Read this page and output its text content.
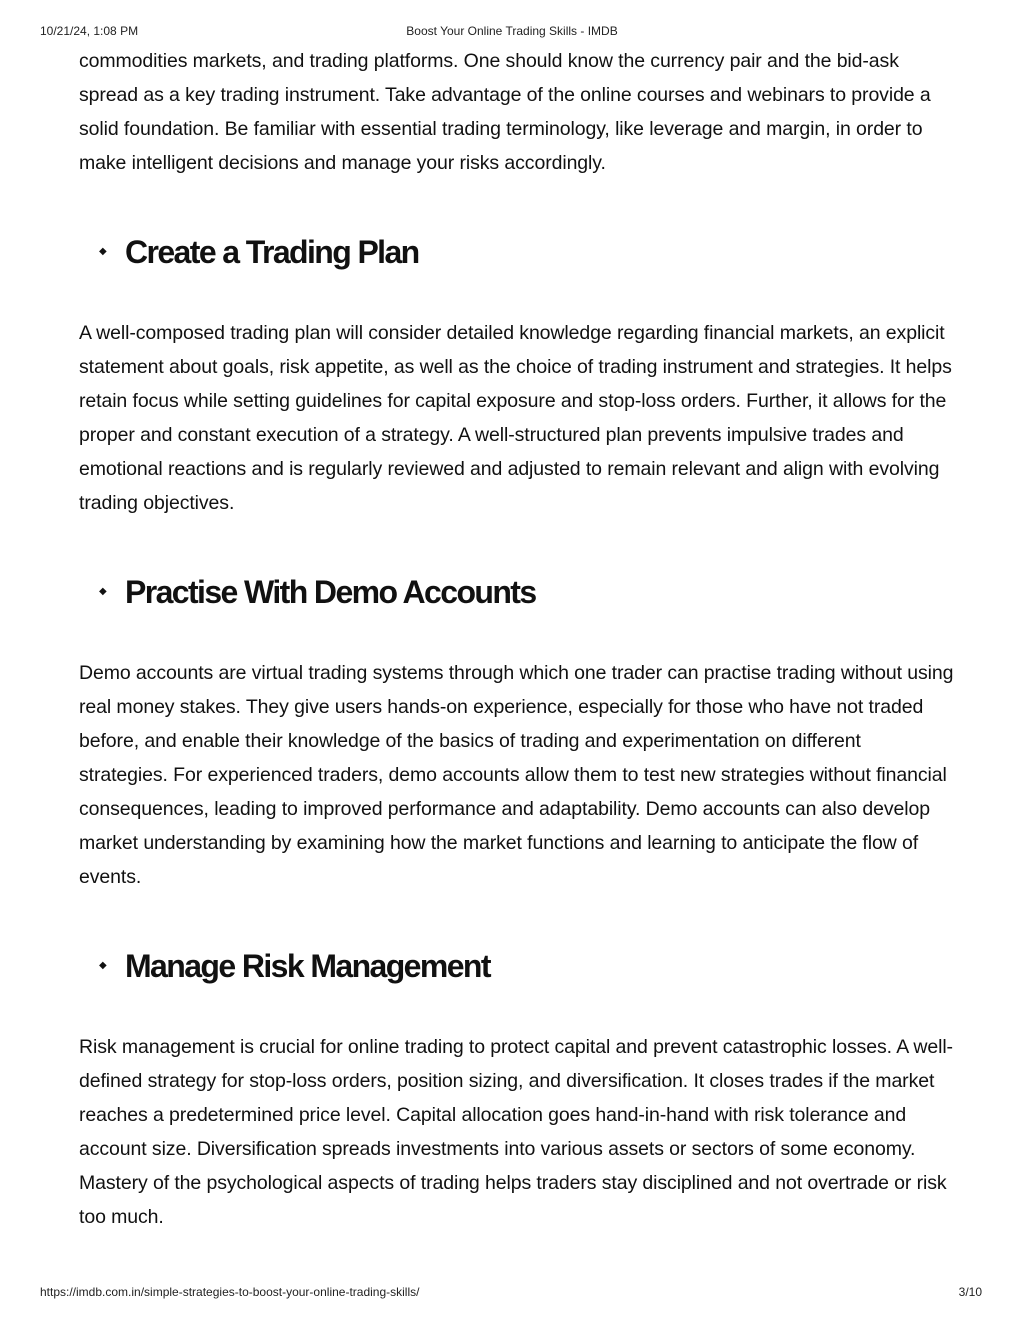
10/21/24, 1:08 PM	Boost Your Online Trading Skills - IMDB

commodities markets, and trading platforms. One should know the currency pair and the bid-ask spread as a key trading instrument. Take advantage of the online courses and webinars to provide a solid foundation. Be familiar with essential trading terminology, like leverage and margin, in order to make intelligent decisions and manage your risks accordingly.

◆ Create a Trading Plan

A well-composed trading plan will consider detailed knowledge regarding financial markets, an explicit statement about goals, risk appetite, as well as the choice of trading instrument and strategies. It helps retain focus while setting guidelines for capital exposure and stop-loss orders. Further, it allows for the proper and constant execution of a strategy. A well-structured plan prevents impulsive trades and emotional reactions and is regularly reviewed and adjusted to remain relevant and align with evolving trading objectives.

◆ Practise With Demo Accounts

Demo accounts are virtual trading systems through which one trader can practise trading without using real money stakes. They give users hands-on experience, especially for those who have not traded before, and enable their knowledge of the basics of trading and experimentation on different strategies. For experienced traders, demo accounts allow them to test new strategies without financial consequences, leading to improved performance and adaptability. Demo accounts can also develop market understanding by examining how the market functions and learning to anticipate the flow of events.

◆ Manage Risk Management

Risk management is crucial for online trading to protect capital and prevent catastrophic losses. A well-defined strategy for stop-loss orders, position sizing, and diversification. It closes trades if the market reaches a predetermined price level. Capital allocation goes hand-in-hand with risk tolerance and account size. Diversification spreads investments into various assets or sectors of some economy. Mastery of the psychological aspects of trading helps traders stay disciplined and not overtrade or risk too much.

https://imdb.com.in/simple-strategies-to-boost-your-online-trading-skills/	3/10
